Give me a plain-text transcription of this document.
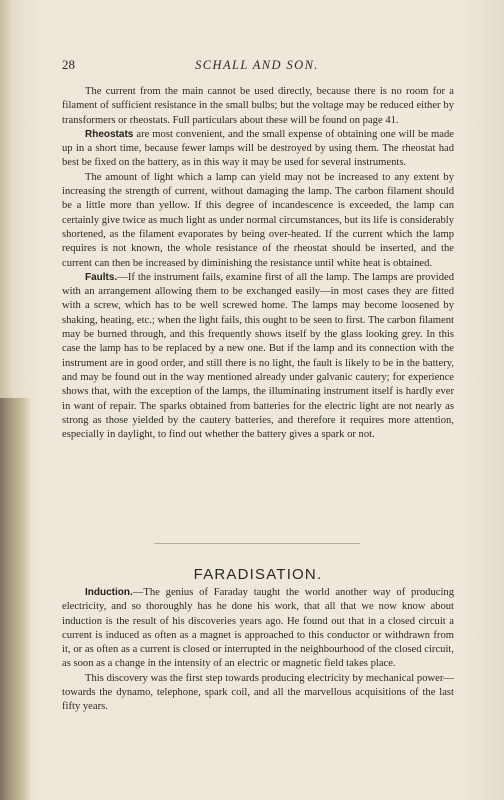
28	SCHALL AND SON.

The current from the main cannot be used directly, because there is no room for a filament of sufficient resistance in the small bulbs; but the voltage may be reduced either by transformers or rheostats. Full particulars about these will be found on page 41.

Rheostats are most convenient, and the small expense of obtaining one will be made up in a short time, because fewer lamps will be destroyed by using them. The rheostat had best be fixed on the battery, as in this way it may be used for several instruments.

The amount of light which a lamp can yield may not be increased to any extent by increasing the strength of current, without damaging the lamp. The carbon filament should be a little more than yellow. If this degree of incandescence is exceeded, the lamp can certainly give twice as much light as under normal circumstances, but its life is considerably shortened, as the filament evaporates by being over-heated. If the current which the lamp requires is not known, the whole resistance of the rheostat should be inserted, and the current can then be increased by diminishing the resistance until white heat is obtained.

Faults.—If the instrument fails, examine first of all the lamp. The lamps are provided with an arrangement allowing them to be exchanged easily—in most cases they are fitted with a screw, which has to be well screwed home. The lamps may become loosened by shaking, heating, etc.; when the light fails, this ought to be seen to first. The carbon filament may be burned through, and this frequently shows itself by the glass looking grey. In this case the lamp has to be replaced by a new one. But if the lamp and its connection with the instrument are in good order, and still there is no light, the fault is likely to be in the battery, and may be found out in the way mentioned already under galvanic cautery; for experience shows that, with the exception of the lamps, the illuminating instrument itself is hardly ever in want of repair. The sparks obtained from batteries for the electric light are not nearly as strong as those yielded by the cautery batteries, and therefore it requires more attention, especially in daylight, to find out whether the battery gives a spark or not.

FARADISATION.

Induction.—The genius of Faraday taught the world another way of producing electricity, and so thoroughly has he done his work, that all that we now know about induction is the result of his discoveries years ago. He found out that in a closed circuit a current is induced as often as a magnet is approached to this conductor or withdrawn from it, or as often as a current is closed or interrupted in the neighbourhood of the closed circuit, as soon as a change in the intensity of an electric or magnetic field takes place.

This discovery was the first step towards producing electricity by mechanical power—towards the dynamo, telephone, spark coil, and all the marvellous acquisitions of the last fifty years.
